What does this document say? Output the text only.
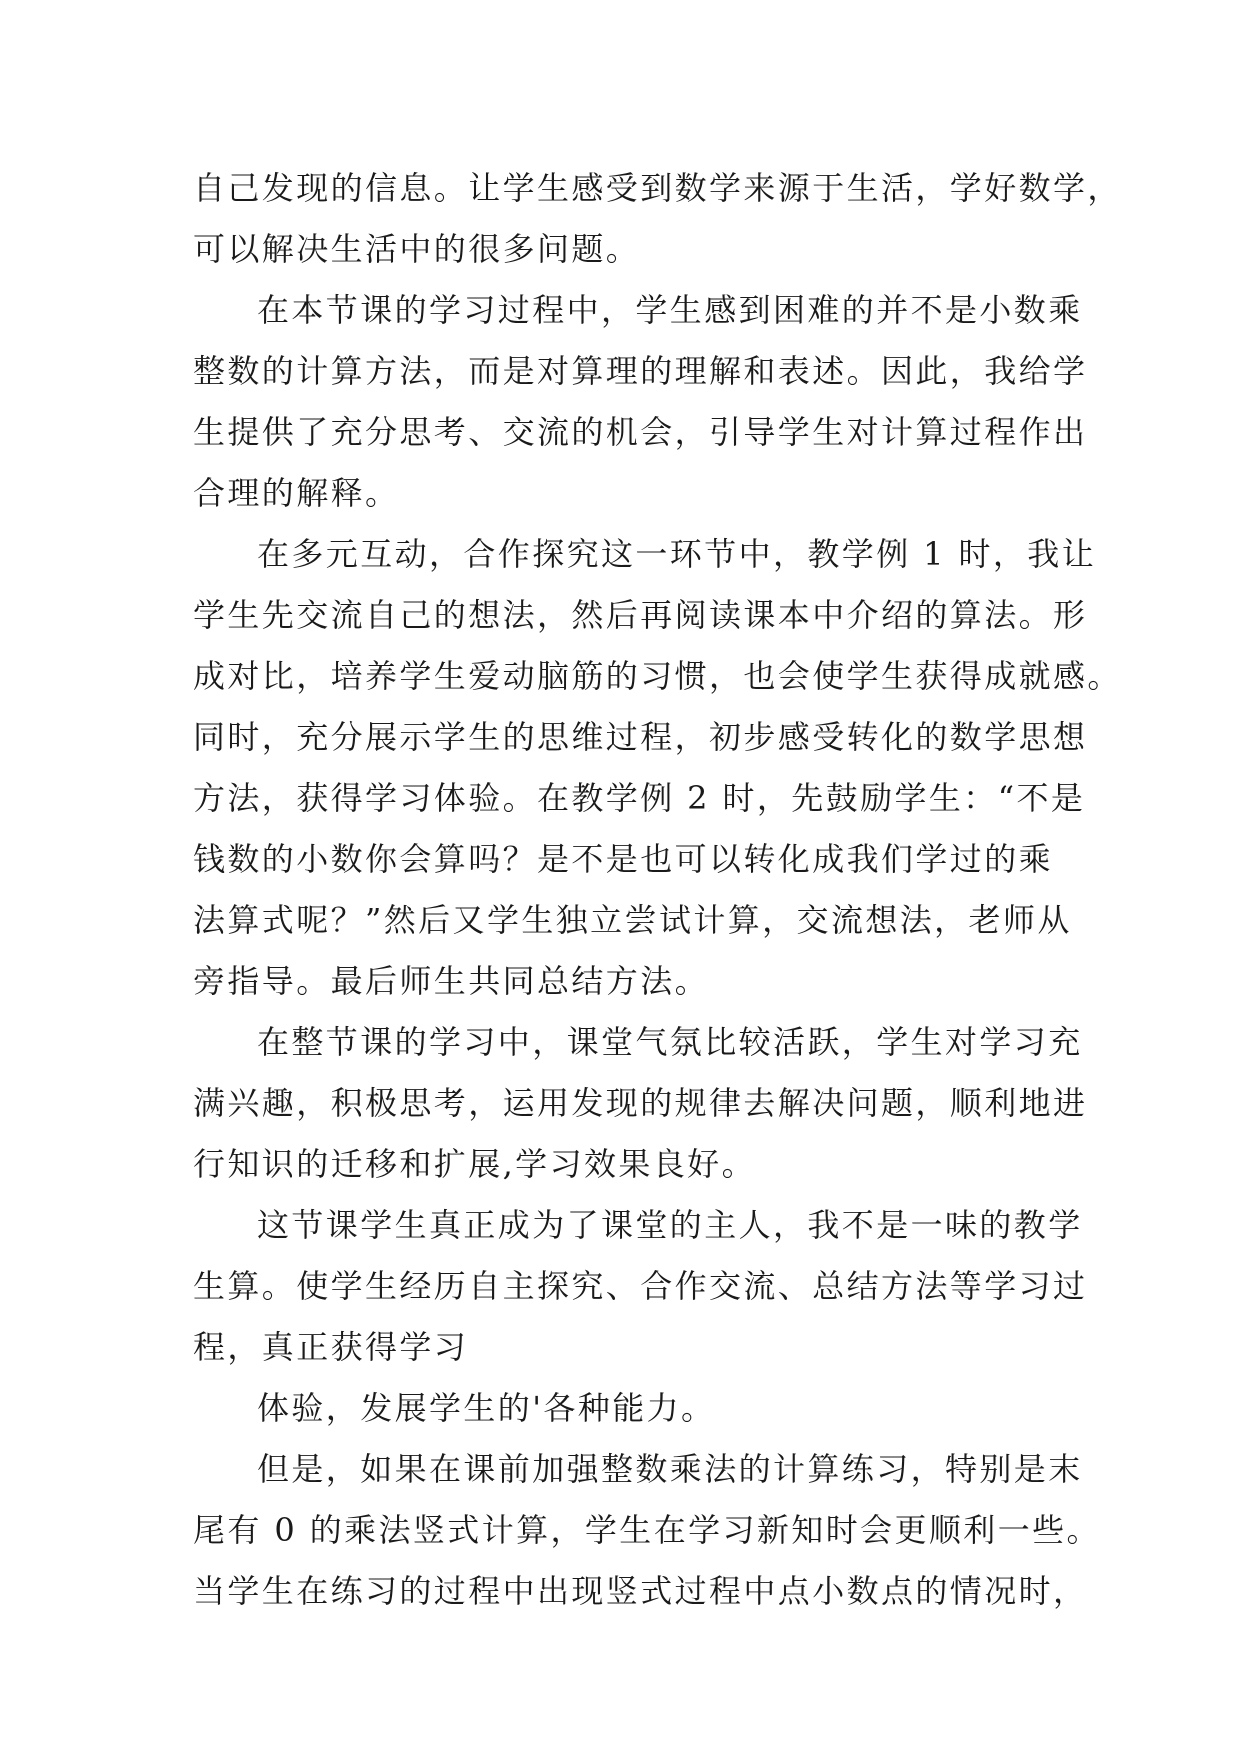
自己发现的信息。让学生感受到数学来源于生活，学好数学，
可以解决生活中的很多问题。
在本节课的学习过程中，学生感到困难的并不是小数乘
整数的计算方法，而是对算理的理解和表述。因此，我给学
生提供了充分思考、交流的机会，引导学生对计算过程作出
合理的解释。
在多元互动，合作探究这一环节中，教学例 1 时，我让
学生先交流自己的想法，然后再阅读课本中介绍的算法。形
成对比，培养学生爱动脑筋的习惯，也会使学生获得成就感。
同时，充分展示学生的思维过程，初步感受转化的数学思想
方法，获得学习体验。在教学例 2 时，先鼓励学生：“不是
钱数的小数你会算吗？是不是也可以转化成我们学过的乘
法算式呢？”然后又学生独立尝试计算，交流想法，老师从
旁指导。最后师生共同总结方法。
在整节课的学习中，课堂气氛比较活跃，学生对学习充
满兴趣，积极思考，运用发现的规律去解决问题，顺利地进
行知识的迁移和扩展,学习效果良好。
这节课学生真正成为了课堂的主人，我不是一味的教学
生算。使学生经历自主探究、合作交流、总结方法等学习过
程，真正获得学习
体验，发展学生的'各种能力。
但是，如果在课前加强整数乘法的计算练习，特别是末
尾有 0 的乘法竖式计算，学生在学习新知时会更顺利一些。
当学生在练习的过程中出现竖式过程中点小数点的情况时，
